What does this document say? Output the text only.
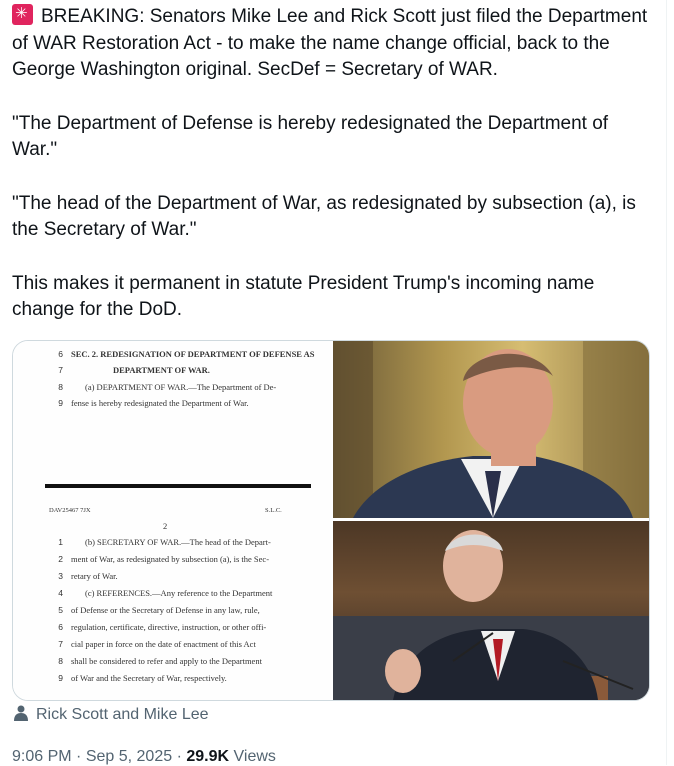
✳BREAKING: Senators Mike Lee and Rick Scott just filed the Department of WAR Restoration Act - to make the name change official, back to the George Washington original. SecDef = Secretary of WAR.

"The Department of Defense is hereby redesignated the Department of War."

"The head of the Department of War, as redesignated by subsection (a), is the Secretary of War."

This makes it permanent in statute President Trump's incoming name change for the DoD.

6 SEC. 2. REDESIGNATION OF DEPARTMENT OF DEFENSE AS
7	DEPARTMENT OF WAR.
8	(a) DEPARTMENT OF WAR.—The Department of De-
9 fense is hereby redesignated the Department of War.
DAV25467 7JX	S.L.C.
2
1	(b) SECRETARY OF WAR.—The head of the Depart-
2 ment of War, as redesignated by subsection (a), is the Sec-
3 retary of War.
4	(c) REFERENCES.—Any reference to the Department
5 of Defense or the Secretary of Defense in any law, rule,
6 regulation, certificate, directive, instruction, or other offi-
7 cial paper in force on the date of enactment of this Act
8 shall be considered to refer and apply to the Department
9 of War and the Secretary of War, respectively.
Rick Scott and Mike Lee
9:06 PM · Sep 5, 2025 · 29.9K Views
